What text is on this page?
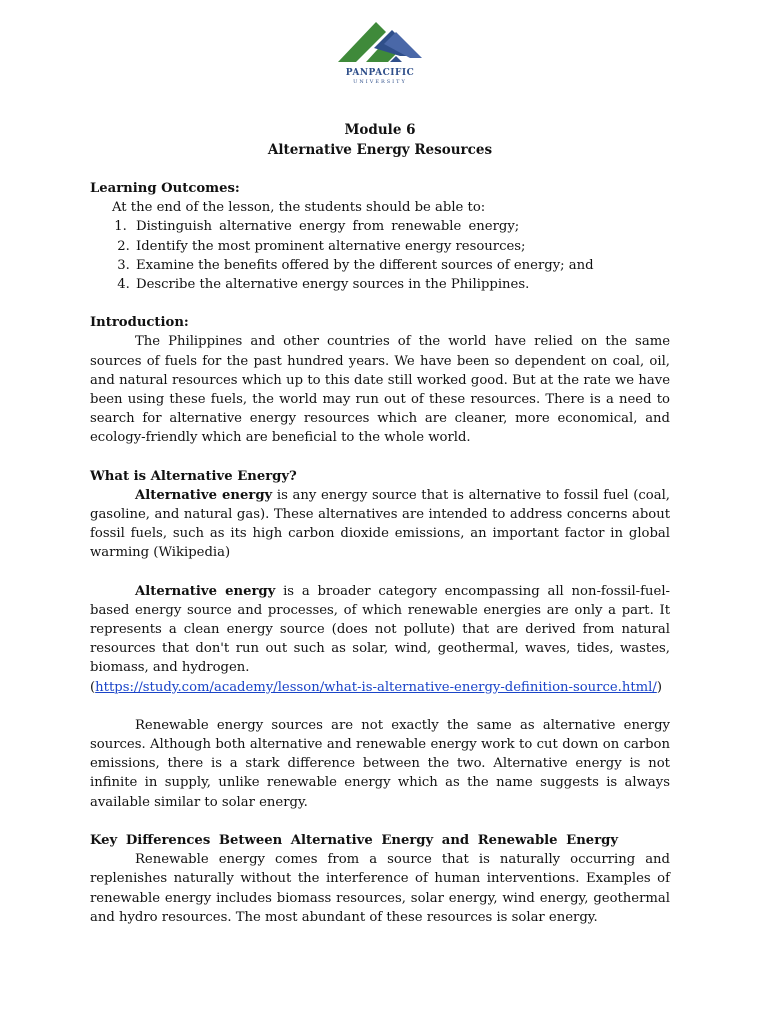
PANPACIFIC
UNIVERSITY
Module 6
Alternative Energy Resources

Learning Outcomes:

At the end of the lesson, the students should be able to:

1. Distinguish alternative energy from renewable energy;
2. Identify the most prominent alternative energy resources;
3. Examine the benefits offered by the different sources of energy; and
4. Describe the alternative energy sources in the Philippines.

Introduction:

The Philippines and other countries of the world have relied on the same sources of fuels for the past hundred years. We have been so dependent on coal, oil, and natural resources which up to this date still worked good. But at the rate we have been using these fuels, the world may run out of these resources. There is a need to search for alternative energy resources which are cleaner, more economical, and ecology-friendly which are beneficial to the whole world.

What is Alternative Energy?

Alternative energy is any energy source that is alternative to fossil fuel (coal, gasoline, and natural gas). These alternatives are intended to address concerns about fossil fuels, such as its high carbon dioxide emissions, an important factor in global warming (Wikipedia)

Alternative energy is a broader category encompassing all non-fossil-fuel-based energy source and processes, of which renewable energies are only a part. It represents a clean energy source (does not pollute) that are derived from natural resources that don't run out such as solar, wind, geothermal, waves, tides, wastes, biomass, and hydrogen.
(https://study.com/academy/lesson/what-is-alternative-energy-definition-source.html/)

Renewable energy sources are not exactly the same as alternative energy sources. Although both alternative and renewable energy work to cut down on carbon emissions, there is a stark difference between the two. Alternative energy is not infinite in supply, unlike renewable energy which as the name suggests is always available similar to solar energy.

Key Differences Between Alternative Energy and Renewable Energy

Renewable energy comes from a source that is naturally occurring and replenishes naturally without the interference of human interventions. Examples of renewable energy includes biomass resources, solar energy, wind energy, geothermal and hydro resources. The most abundant of these resources is solar energy.
